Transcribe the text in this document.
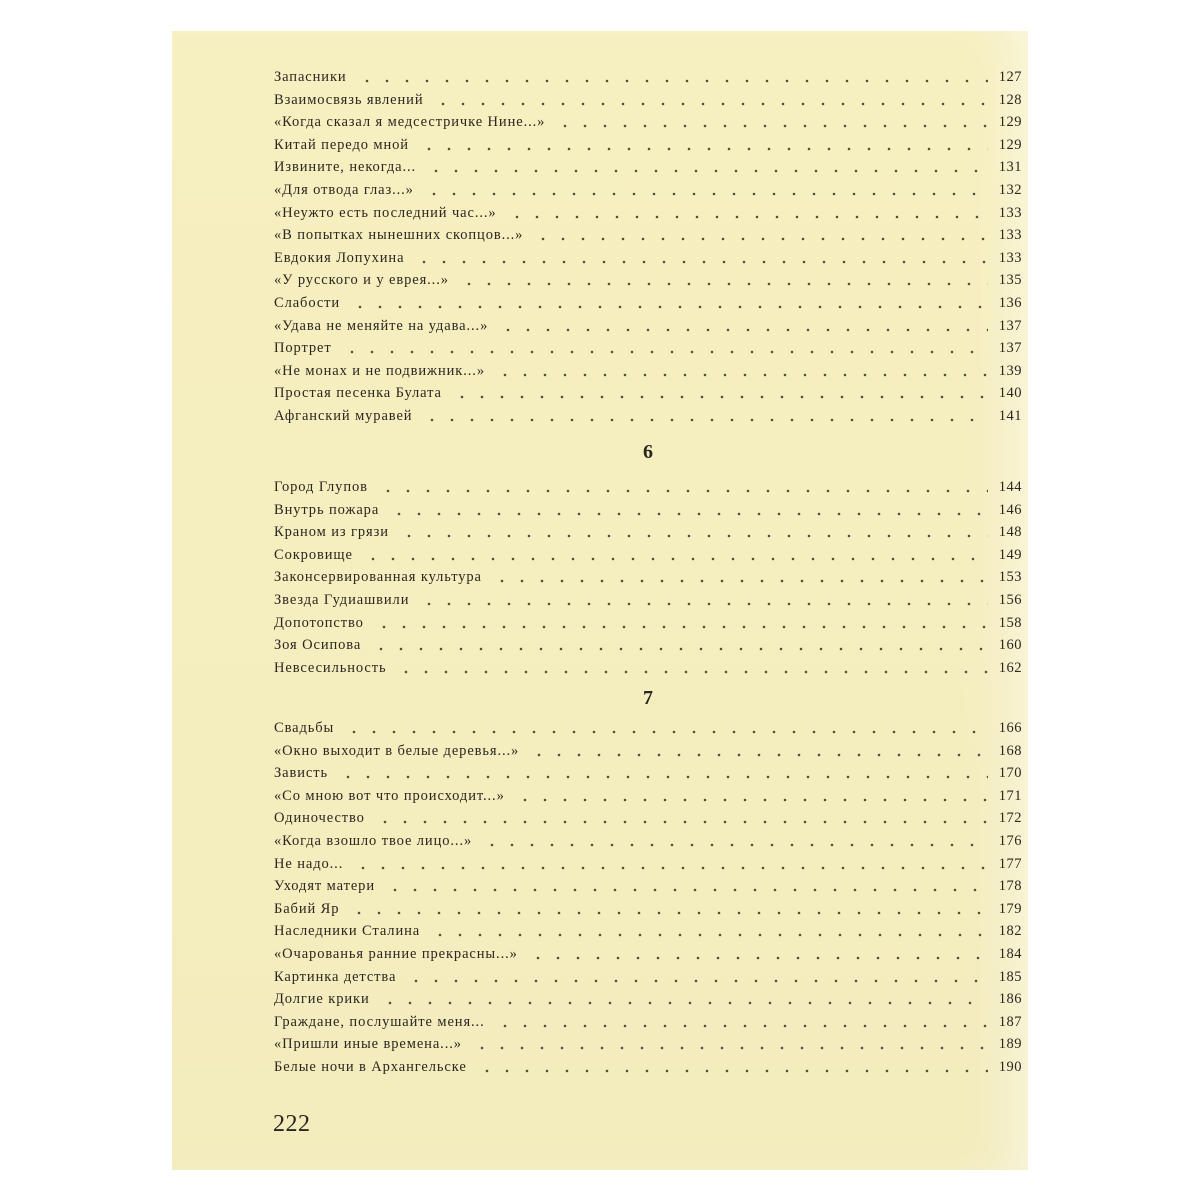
Запасники	127
Взаимосвязь явлений	128
«Когда сказал я медсестричке Нине...»	129
Китай передо мной	129
Извините, некогда...	131
«Для отвода глаз...»	132
«Неужто есть последний час...»	133
«В попытках нынешних скопцов...»	133
Евдокия Лопухина	133
«У русского и у еврея...»	135
Слабости	136
«Удава не меняйте на удава...»	137
Портрет	137
«Не монах и не подвижник...»	139
Простая песенка Булата	140
Афганский муравей	141
6
Город Глупов	144
Внутрь пожара	146
Краном из грязи	148
Сокровище	149
Законсервированная культура	153
Звезда Гудиашвили	156
Допотопство	158
Зоя Осипова	160
Невсесильность	162
7
Свадьбы	166
«Окно выходит в белые деревья...»	168
Зависть	170
«Со мною вот что происходит...»	171
Одиночество	172
«Когда взошло твое лицо...»	176
Не надо...	177
Уходят матери	178
Бабий Яр	179
Наследники Сталина	182
«Очарованья ранние прекрасны...»	184
Картинка детства	185
Долгие крики	186
Граждане, послушайте меня...	187
«Пришли иные времена...»	189
Белые ночи в Архангельске	190
222
